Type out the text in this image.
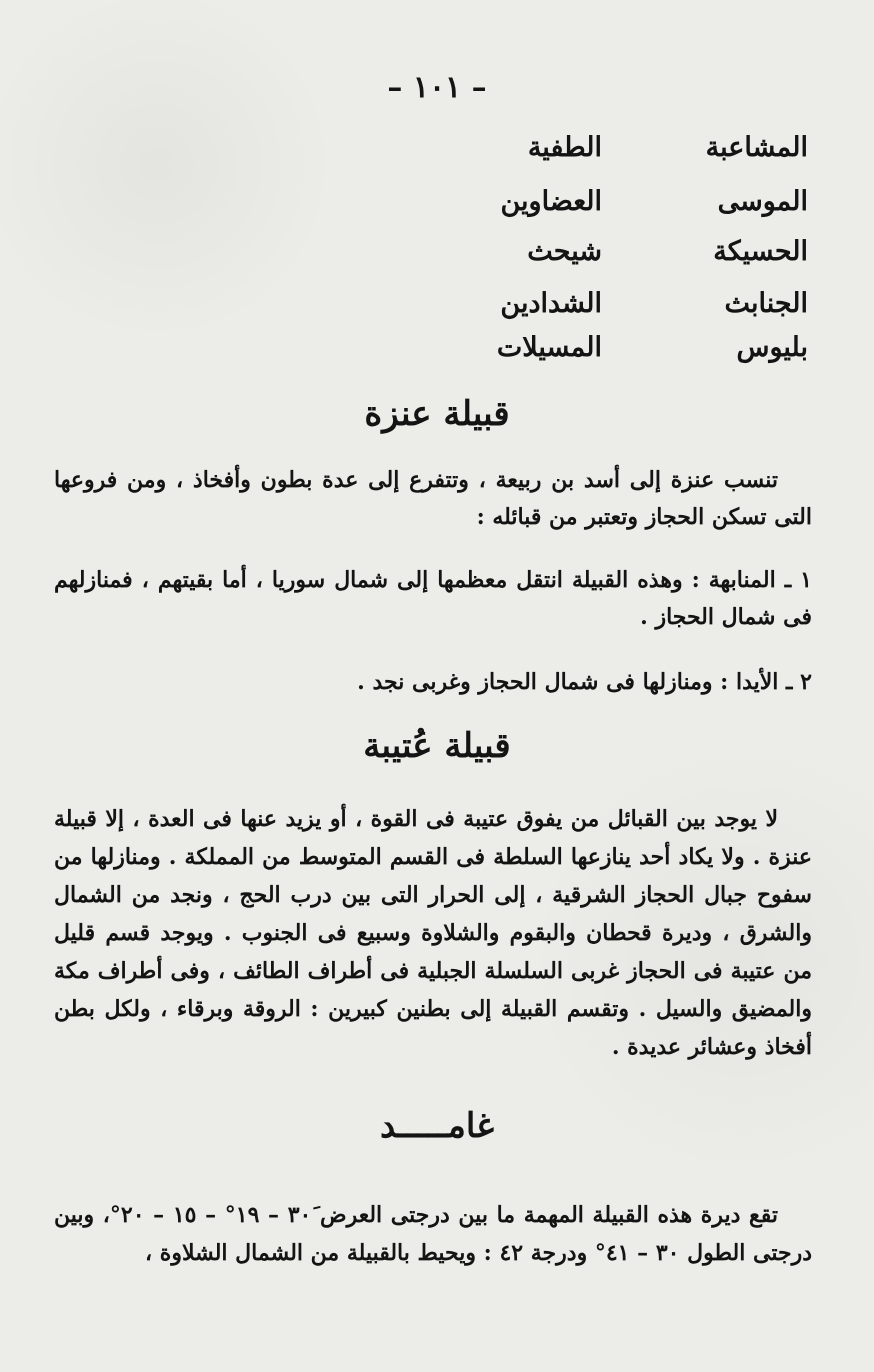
– ١٠١ –
المشاعبة
الطفية
الموسى
العضاوين
الحسيكة
شيحث
الجنابث
الشدادين
بليوس
المسيلات
قبيلة عنزة

تنسب عنزة إلى أسد بن ربيعة ، وتتفرع إلى عدة بطون وأفخاذ ، ومن فروعها التى تسكن الحجاز وتعتبر من قبائله :

١ ـ المنابهة : وهذه القبيلة انتقل معظمها إلى شمال سوريا ، أما بقيتهم ، فمنازلهم فى شمال الحجاز .

٢ ـ الأيدا : ومنازلها فى شمال الحجاز وغربى نجد .

قبيلة عُتيبة

لا يوجد بين القبائل من يفوق عتيبة فى القوة ، أو يزيد عنها فى العدة ، إلا قبيلة عنزة . ولا يكاد أحد ينازعها السلطة فى القسم المتوسط من المملكة . ومنازلها من سفوح جبال الحجاز الشرقية ، إلى الحرار التى بين درب الحج ، ونجد من الشمال والشرق ، وديرة قحطان والبقوم والشلاوة وسبيع فى الجنوب . ويوجد قسم قليل من عتيبة فى الحجاز غربى السلسلة الجبلية فى أطراف الطائف ، وفى أطراف مكة والمضيق والسيل . وتقسم القبيلة إلى بطنين كبيرين : الروقة وبرقاء ، ولكل بطن أفخاذ وعشائر عديدة .

غامـــــد

تقع ديرة هذه القبيلة المهمة ما بين درجتى العرض ٣٠َ – ١٩° – ١٥ – ٢٠°، وبين درجتى الطول ٣٠ – ٤١° ودرجة ٤٢ : ويحيط بالقبيلة من الشمال الشلاوة ،
